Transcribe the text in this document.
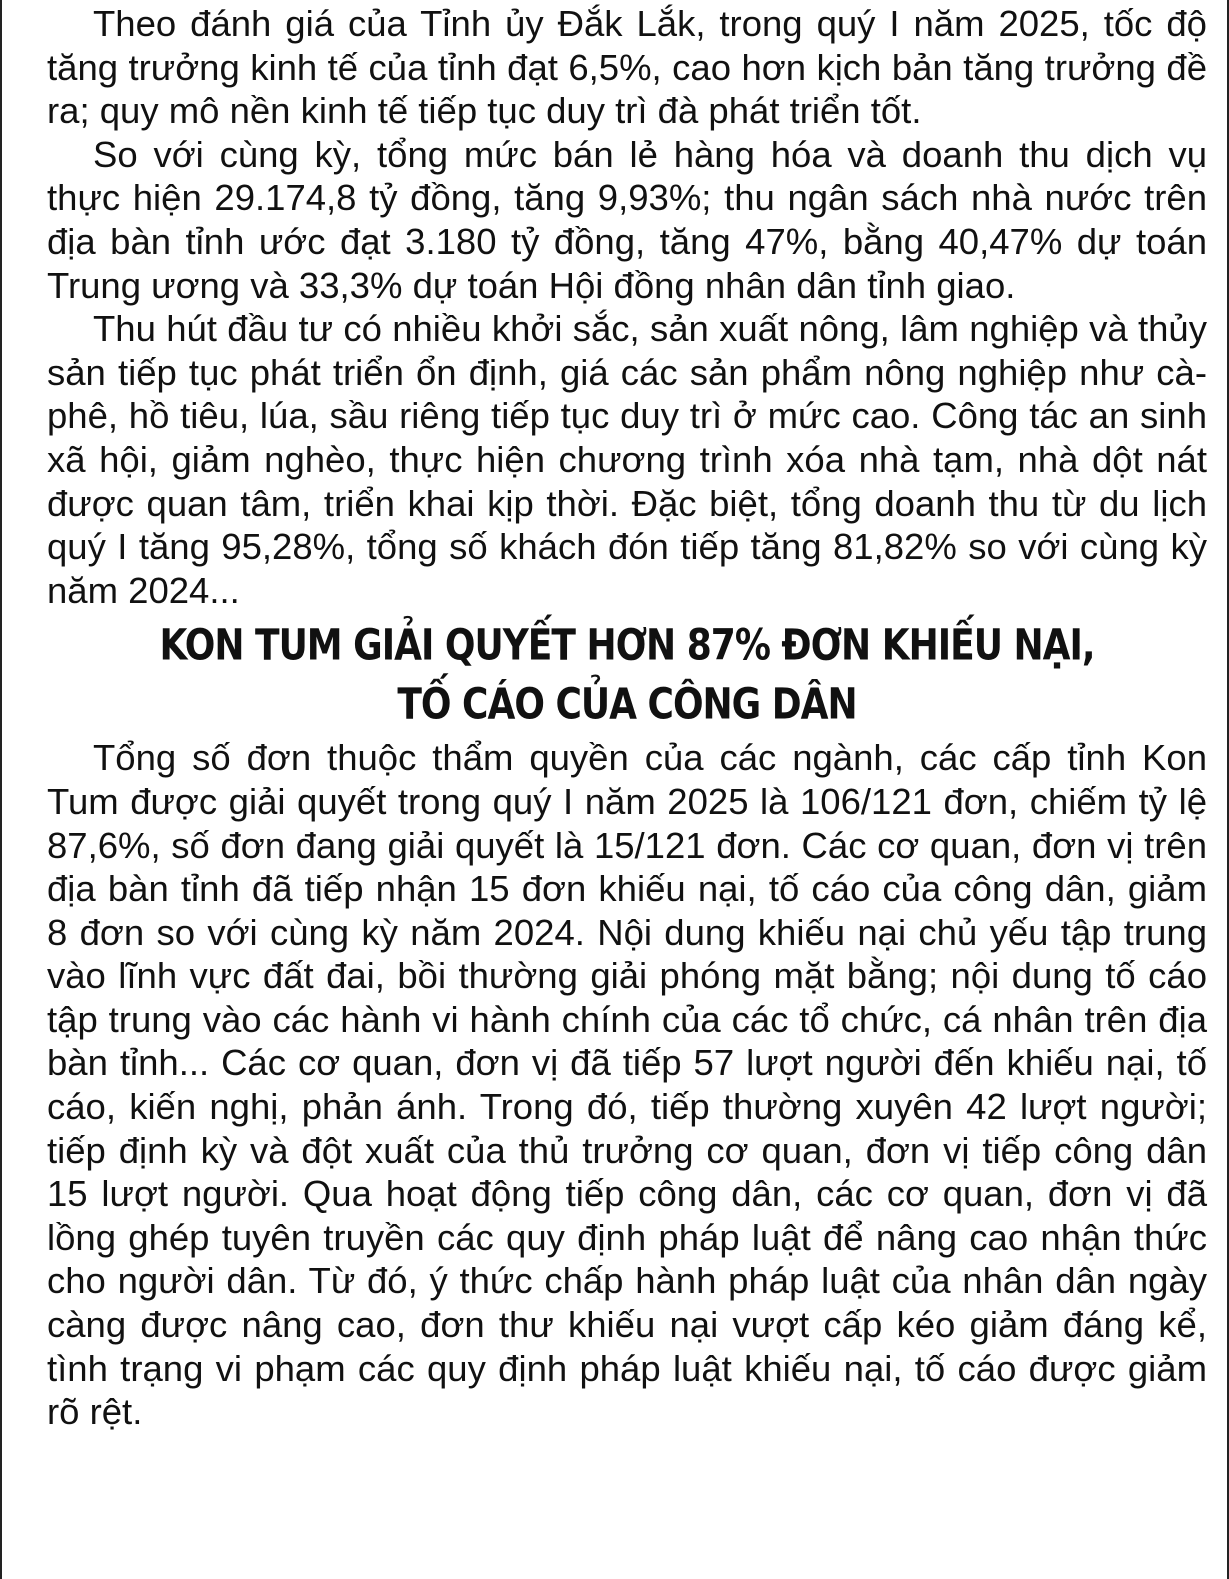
Theo đánh giá của Tỉnh ủy Đắk Lắk, trong quý I năm 2025, tốc độ tăng trưởng kinh tế của tỉnh đạt 6,5%, cao hơn kịch bản tăng trưởng đề ra; quy mô nền kinh tế tiếp tục duy trì đà phát triển tốt.

So với cùng kỳ, tổng mức bán lẻ hàng hóa và doanh thu dịch vụ thực hiện 29.174,8 tỷ đồng, tăng 9,93%; thu ngân sách nhà nước trên địa bàn tỉnh ước đạt 3.180 tỷ đồng, tăng 47%, bằng 40,47% dự toán Trung ương và 33,3% dự toán Hội đồng nhân dân tỉnh giao.

Thu hút đầu tư có nhiều khởi sắc, sản xuất nông, lâm nghiệp và thủy sản tiếp tục phát triển ổn định, giá các sản phẩm nông nghiệp như cà-phê, hồ tiêu, lúa, sầu riêng tiếp tục duy trì ở mức cao. Công tác an sinh xã hội, giảm nghèo, thực hiện chương trình xóa nhà tạm, nhà dột nát được quan tâm, triển khai kịp thời. Đặc biệt, tổng doanh thu từ du lịch quý I tăng 95,28%, tổng số khách đón tiếp tăng 81,82% so với cùng kỳ năm 2024...

KON TUM GIẢI QUYẾT HƠN 87% ĐƠN KHIẾU NẠI,
TỐ CÁO CỦA CÔNG DÂN

Tổng số đơn thuộc thẩm quyền của các ngành, các cấp tỉnh Kon Tum được giải quyết trong quý I năm 2025 là 106/121 đơn, chiếm tỷ lệ 87,6%, số đơn đang giải quyết là 15/121 đơn. Các cơ quan, đơn vị trên địa bàn tỉnh đã tiếp nhận 15 đơn khiếu nại, tố cáo của công dân, giảm 8 đơn so với cùng kỳ năm 2024. Nội dung khiếu nại chủ yếu tập trung vào lĩnh vực đất đai, bồi thường giải phóng mặt bằng; nội dung tố cáo tập trung vào các hành vi hành chính của các tổ chức, cá nhân trên địa bàn tỉnh... Các cơ quan, đơn vị đã tiếp 57 lượt người đến khiếu nại, tố cáo, kiến nghị, phản ánh. Trong đó, tiếp thường xuyên 42 lượt người; tiếp định kỳ và đột xuất của thủ trưởng cơ quan, đơn vị tiếp công dân 15 lượt người. Qua hoạt động tiếp công dân, các cơ quan, đơn vị đã lồng ghép tuyên truyền các quy định pháp luật để nâng cao nhận thức cho người dân. Từ đó, ý thức chấp hành pháp luật của nhân dân ngày càng được nâng cao, đơn thư khiếu nại vượt cấp kéo giảm đáng kể, tình trạng vi phạm các quy định pháp luật khiếu nại, tố cáo được giảm rõ rệt.
